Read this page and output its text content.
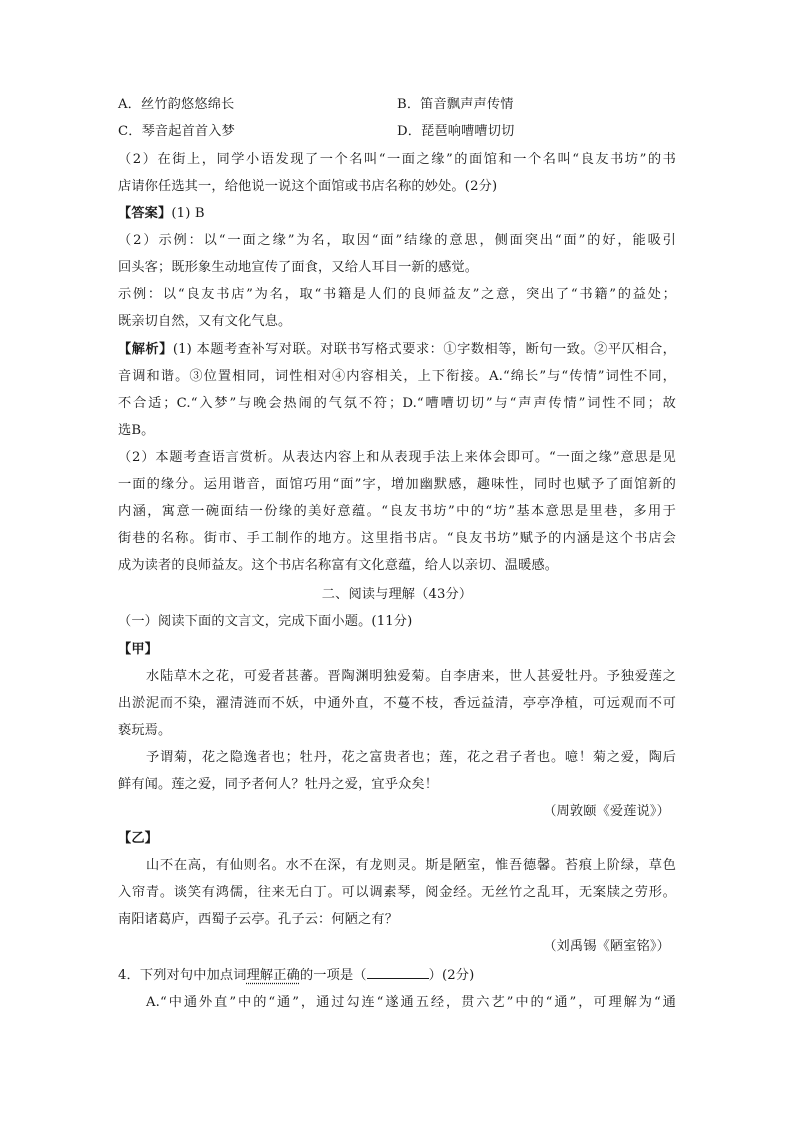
A．丝竹韵悠悠绵长	B．笛音飘声声传情
C．琴音起首首入梦	D．琵琶响嘈嘈切切
（2）在街上，同学小语发现了一个名叫“一面之缘”的面馆和一个名叫“良友书坊”的书
店请你任选其一，给他说一说这个面馆或书店名称的妙处。(2分)
【答案】(1) B
（2）示例：以“一面之缘”为名，取因“面”结缘的意思，侧面突出“面”的好，能吸引
回头客；既形象生动地宣传了面食，又给人耳目一新的感觉。
示例：以“良友书店”为名，取“书籍是人们的良师益友”之意，突出了“书籍”的益处；
既亲切自然，又有文化气息。
【解析】(1) 本题考查补写对联。对联书写格式要求：①字数相等，断句一致。②平仄相合，
音调和谐。③位置相同，词性相对④内容相关，上下衔接。A.“绵长”与“传情”词性不同，
不合适；C.“入梦”与晚会热闹的气氛不符；D.“嘈嘈切切”与“声声传情”词性不同；故
选B。
（2）本题考查语言赏析。从表达内容上和从表现手法上来体会即可。“一面之缘”意思是见
一面的缘分。运用谐音，面馆巧用“面”字，增加幽默感，趣味性，同时也赋予了面馆新的
内涵，寓意一碗面结一份缘的美好意蕴。“良友书坊”中的“坊”基本意思是里巷，多用于
街巷的名称。街市、手工制作的地方。这里指书店。“良友书坊”赋予的内涵是这个书店会
成为读者的良师益友。这个书店名称富有文化意蕴，给人以亲切、温暖感。
二、阅读与理解（43分）
（一）阅读下面的文言文，完成下面小题。(11分)
【甲】
水陆草木之花，可爱者甚蕃。晋陶渊明独爱菊。自李唐来，世人甚爱牡丹。予独爱莲之
出淤泥而不染，濯清涟而不妖，中通外直，不蔓不枝，香远益清，亭亭净植，可远观而不可
亵玩焉。
予谓菊，花之隐逸者也；牡丹，花之富贵者也；莲，花之君子者也。噫！菊之爱，陶后
鲜有闻。莲之爱，同予者何人？牡丹之爱，宜乎众矣！
（周敦颐《爱莲说》）
【乙】
山不在高，有仙则名。水不在深，有龙则灵。斯是陋室，惟吾德馨。苔痕上阶绿，草色
入帘青。谈笑有鸿儒，往来无白丁。可以调素琴，阅金经。无丝竹之乱耳，无案牍之劳形。
南阳诸葛庐，西蜀子云亭。孔子云：何陋之有？
（刘禹锡《陋室铭》）
4．下列对句中加点词理解正确的一项是（	）(2分)
A.“中通外直”中的“通”，通过勾连“遂通五经，贯六艺”中的“通”，可理解为“通
